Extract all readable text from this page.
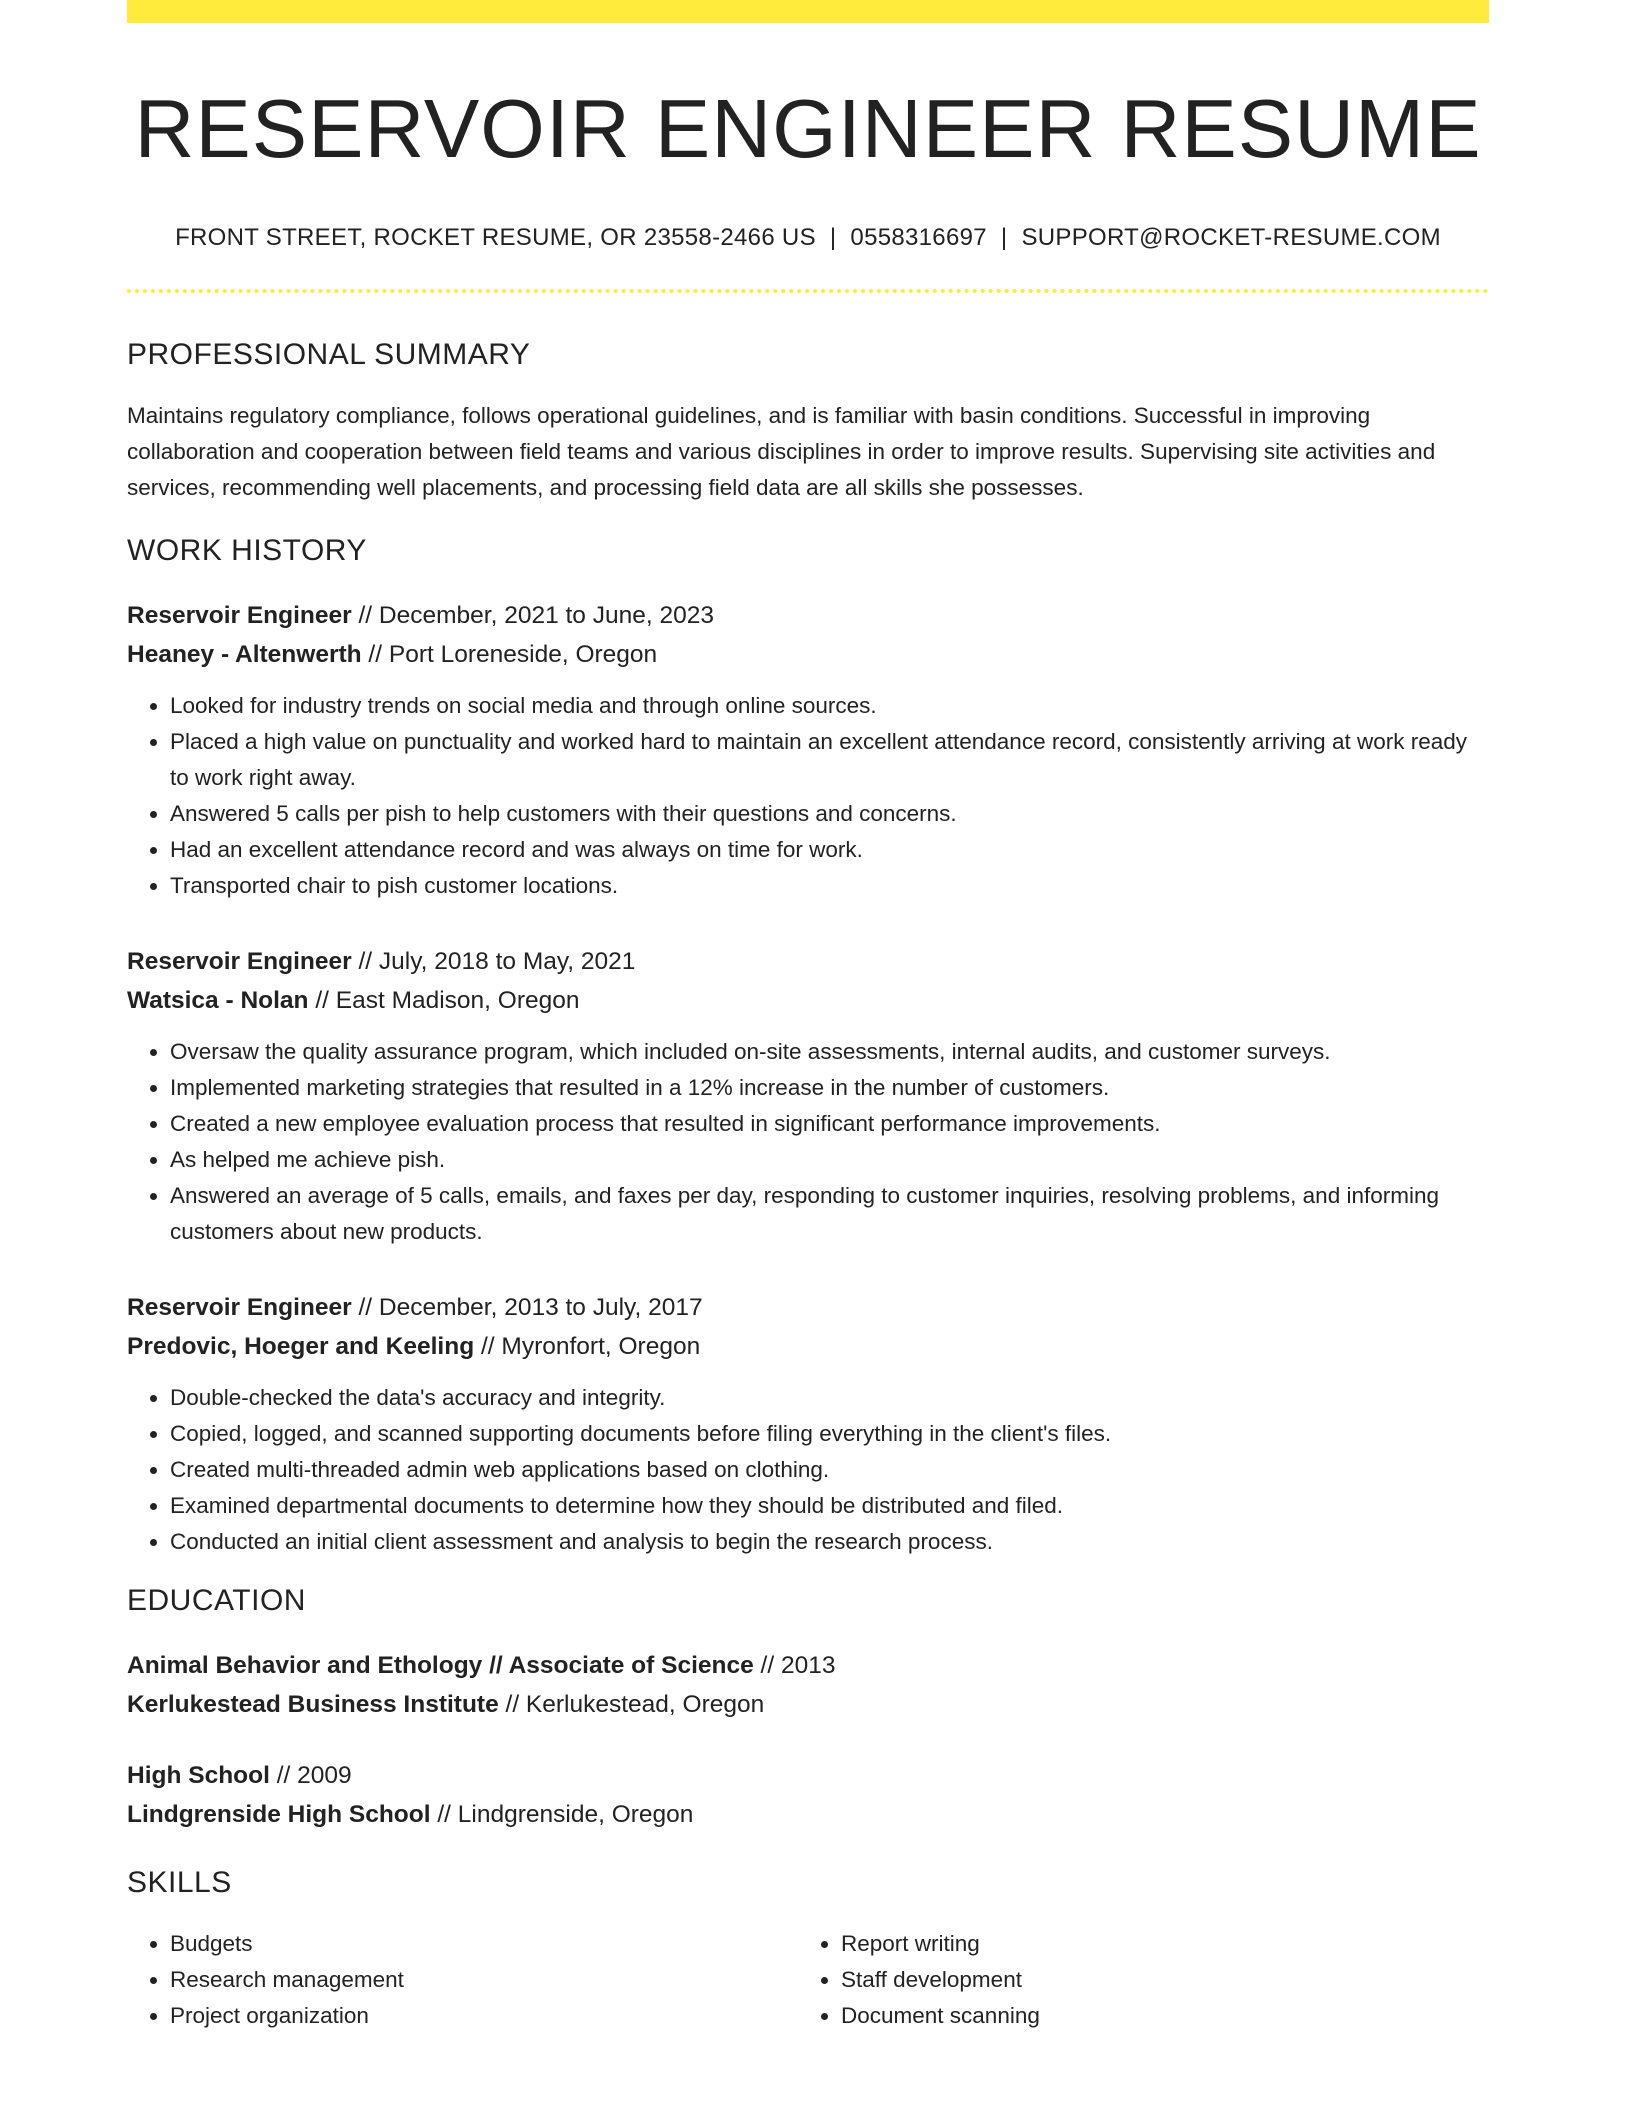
RESERVOIR ENGINEER RESUME
FRONT STREET, ROCKET RESUME, OR 23558-2466 US | 0558316697 | SUPPORT@ROCKET-RESUME.COM
PROFESSIONAL SUMMARY
Maintains regulatory compliance, follows operational guidelines, and is familiar with basin conditions. Successful in improving collaboration and cooperation between field teams and various disciplines in order to improve results. Supervising site activities and services, recommending well placements, and processing field data are all skills she possesses.
WORK HISTORY
Reservoir Engineer // December, 2021 to June, 2023
Heaney - Altenwerth // Port Loreneside, Oregon
• Looked for industry trends on social media and through online sources.
• Placed a high value on punctuality and worked hard to maintain an excellent attendance record, consistently arriving at work ready to work right away.
• Answered 5 calls per pish to help customers with their questions and concerns.
• Had an excellent attendance record and was always on time for work.
• Transported chair to pish customer locations.
Reservoir Engineer // July, 2018 to May, 2021
Watsica - Nolan // East Madison, Oregon
• Oversaw the quality assurance program, which included on-site assessments, internal audits, and customer surveys.
• Implemented marketing strategies that resulted in a 12% increase in the number of customers.
• Created a new employee evaluation process that resulted in significant performance improvements.
• As helped me achieve pish.
• Answered an average of 5 calls, emails, and faxes per day, responding to customer inquiries, resolving problems, and informing customers about new products.
Reservoir Engineer // December, 2013 to July, 2017
Predovic, Hoeger and Keeling // Myronfort, Oregon
• Double-checked the data's accuracy and integrity.
• Copied, logged, and scanned supporting documents before filing everything in the client's files.
• Created multi-threaded admin web applications based on clothing.
• Examined departmental documents to determine how they should be distributed and filed.
• Conducted an initial client assessment and analysis to begin the research process.
EDUCATION
Animal Behavior and Ethology // Associate of Science // 2013
Kerlukestead Business Institute // Kerlukestead, Oregon
High School // 2009
Lindgrenside High School // Lindgrenside, Oregon
SKILLS
• Budgets
• Research management
• Project organization
• Report writing
• Staff development
• Document scanning
